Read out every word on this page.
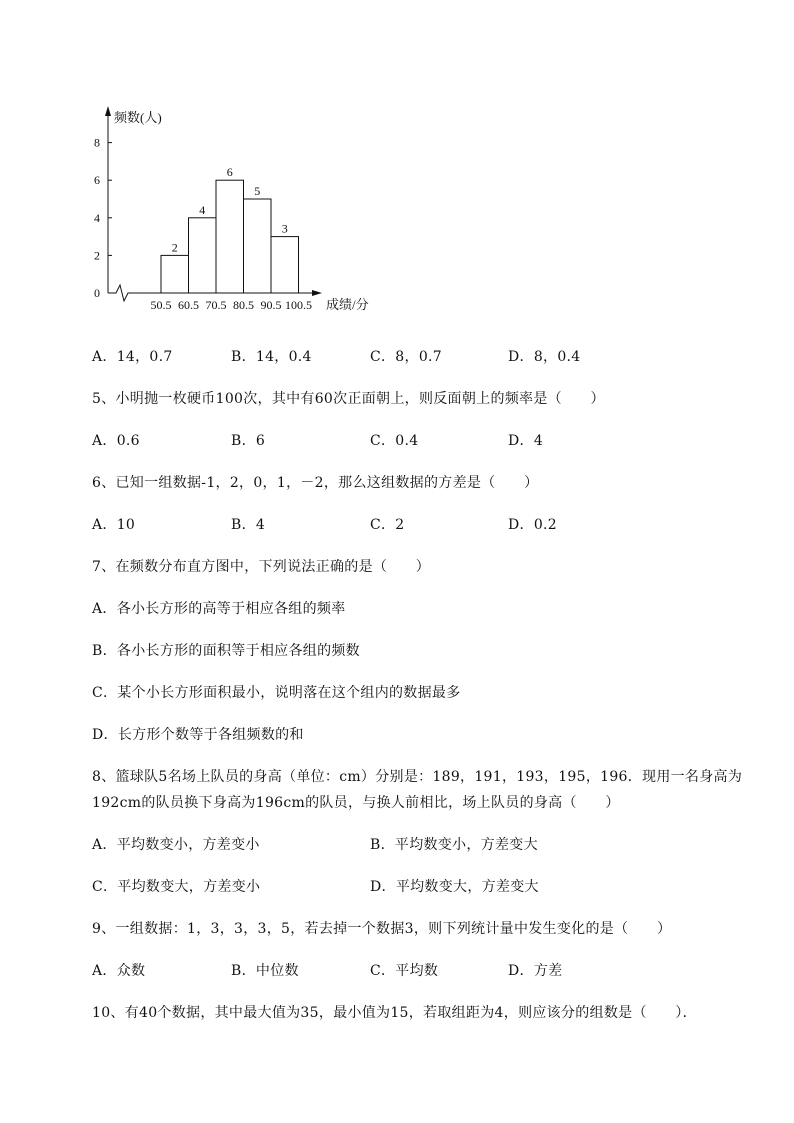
0
2
4
6
8
频数(人)
2
4
6
5
3
50.5 60.5 70.5 80.5 90.5 100.5 成绩/分
A．14，0.7	B．14，0.4	C．8，0.7	D．8，0.4
5、小明抛一枚硬币100次，其中有60次正面朝上，则反面朝上的频率是（　　）
A．0.6	B．6	C．0.4	D．4
6、已知一组数据-1，2，0，1，－2，那么这组数据的方差是（　　）
A．10	B．4	C．2	D．0.2
7、在频数分布直方图中，下列说法正确的是（　　）
A．各小长方形的高等于相应各组的频率
B．各小长方形的面积等于相应各组的频数
C．某个小长方形面积最小，说明落在这个组内的数据最多
D．长方形个数等于各组频数的和
8、篮球队5名场上队员的身高（单位：cm）分别是：189，191，193，195，196．现用一名身高为
192cm的队员换下身高为196cm的队员，与换人前相比，场上队员的身高（　　）
A．平均数变小，方差变小	B．平均数变小，方差变大
C．平均数变大，方差变小	D．平均数变大，方差变大
9、一组数据：1，3，3，3，5，若去掉一个数据3，则下列统计量中发生变化的是（　　）
A．众数	B．中位数	C．平均数	D．方差
10、有40个数据，其中最大值为35，最小值为15，若取组距为4，则应该分的组数是（　　）．
